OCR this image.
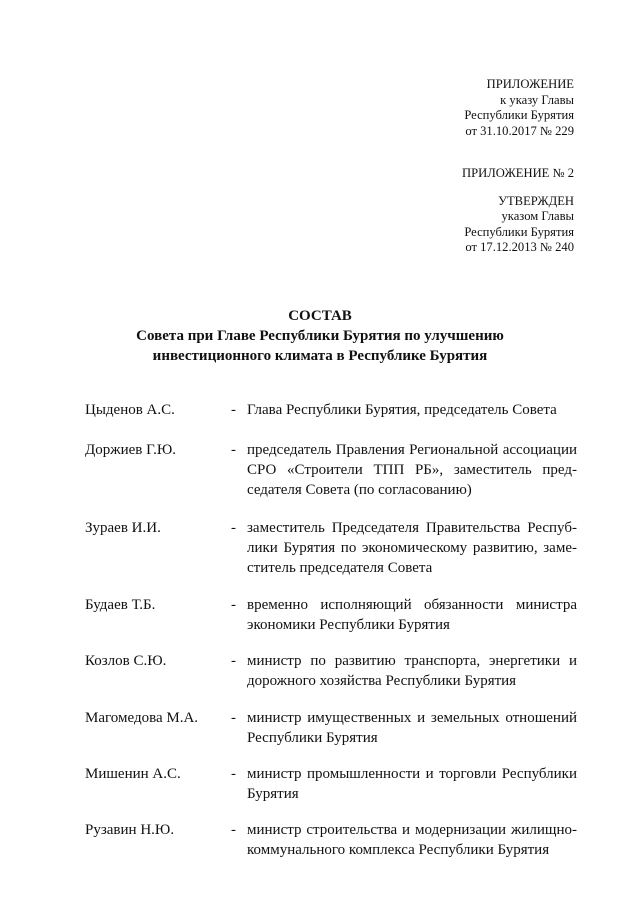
ПРИЛОЖЕНИЕ
к указу Главы
Республики Бурятия
от 31.10.2017 № 229
ПРИЛОЖЕНИЕ № 2
УТВЕРЖДЕН
указом Главы
Республики Бурятия
от 17.12.2013 № 240
СОСТАВ
Совета при Главе Республики Бурятия по улучшению
инвестиционного климата в Республике Бурятия
Цыденов А.С.	- Глава Республики Бурятия, председатель Совета
Доржиев Г.Ю.	- председатель Правления Региональной ассоциации СРО «Строители ТПП РБ», заместитель председателя Совета (по согласованию)
Зураев И.И.	- заместитель Председателя Правительства Республики Бурятия по экономическому развитию, заместитель председателя Совета
Будаев Т.Б.	- временно исполняющий обязанности министра экономики Республики Бурятия
Козлов С.Ю.	- министр по развитию транспорта, энергетики и дорожного хозяйства Республики Бурятия
Магомедова М.А. - министр имущественных и земельных отношений Республики Бурятия
Мишенин А.С.	- министр промышленности и торговли Республики Бурятия
Рузавин Н.Ю.	- министр строительства и модернизации жилищно-коммунального комплекса Республики Бурятия
